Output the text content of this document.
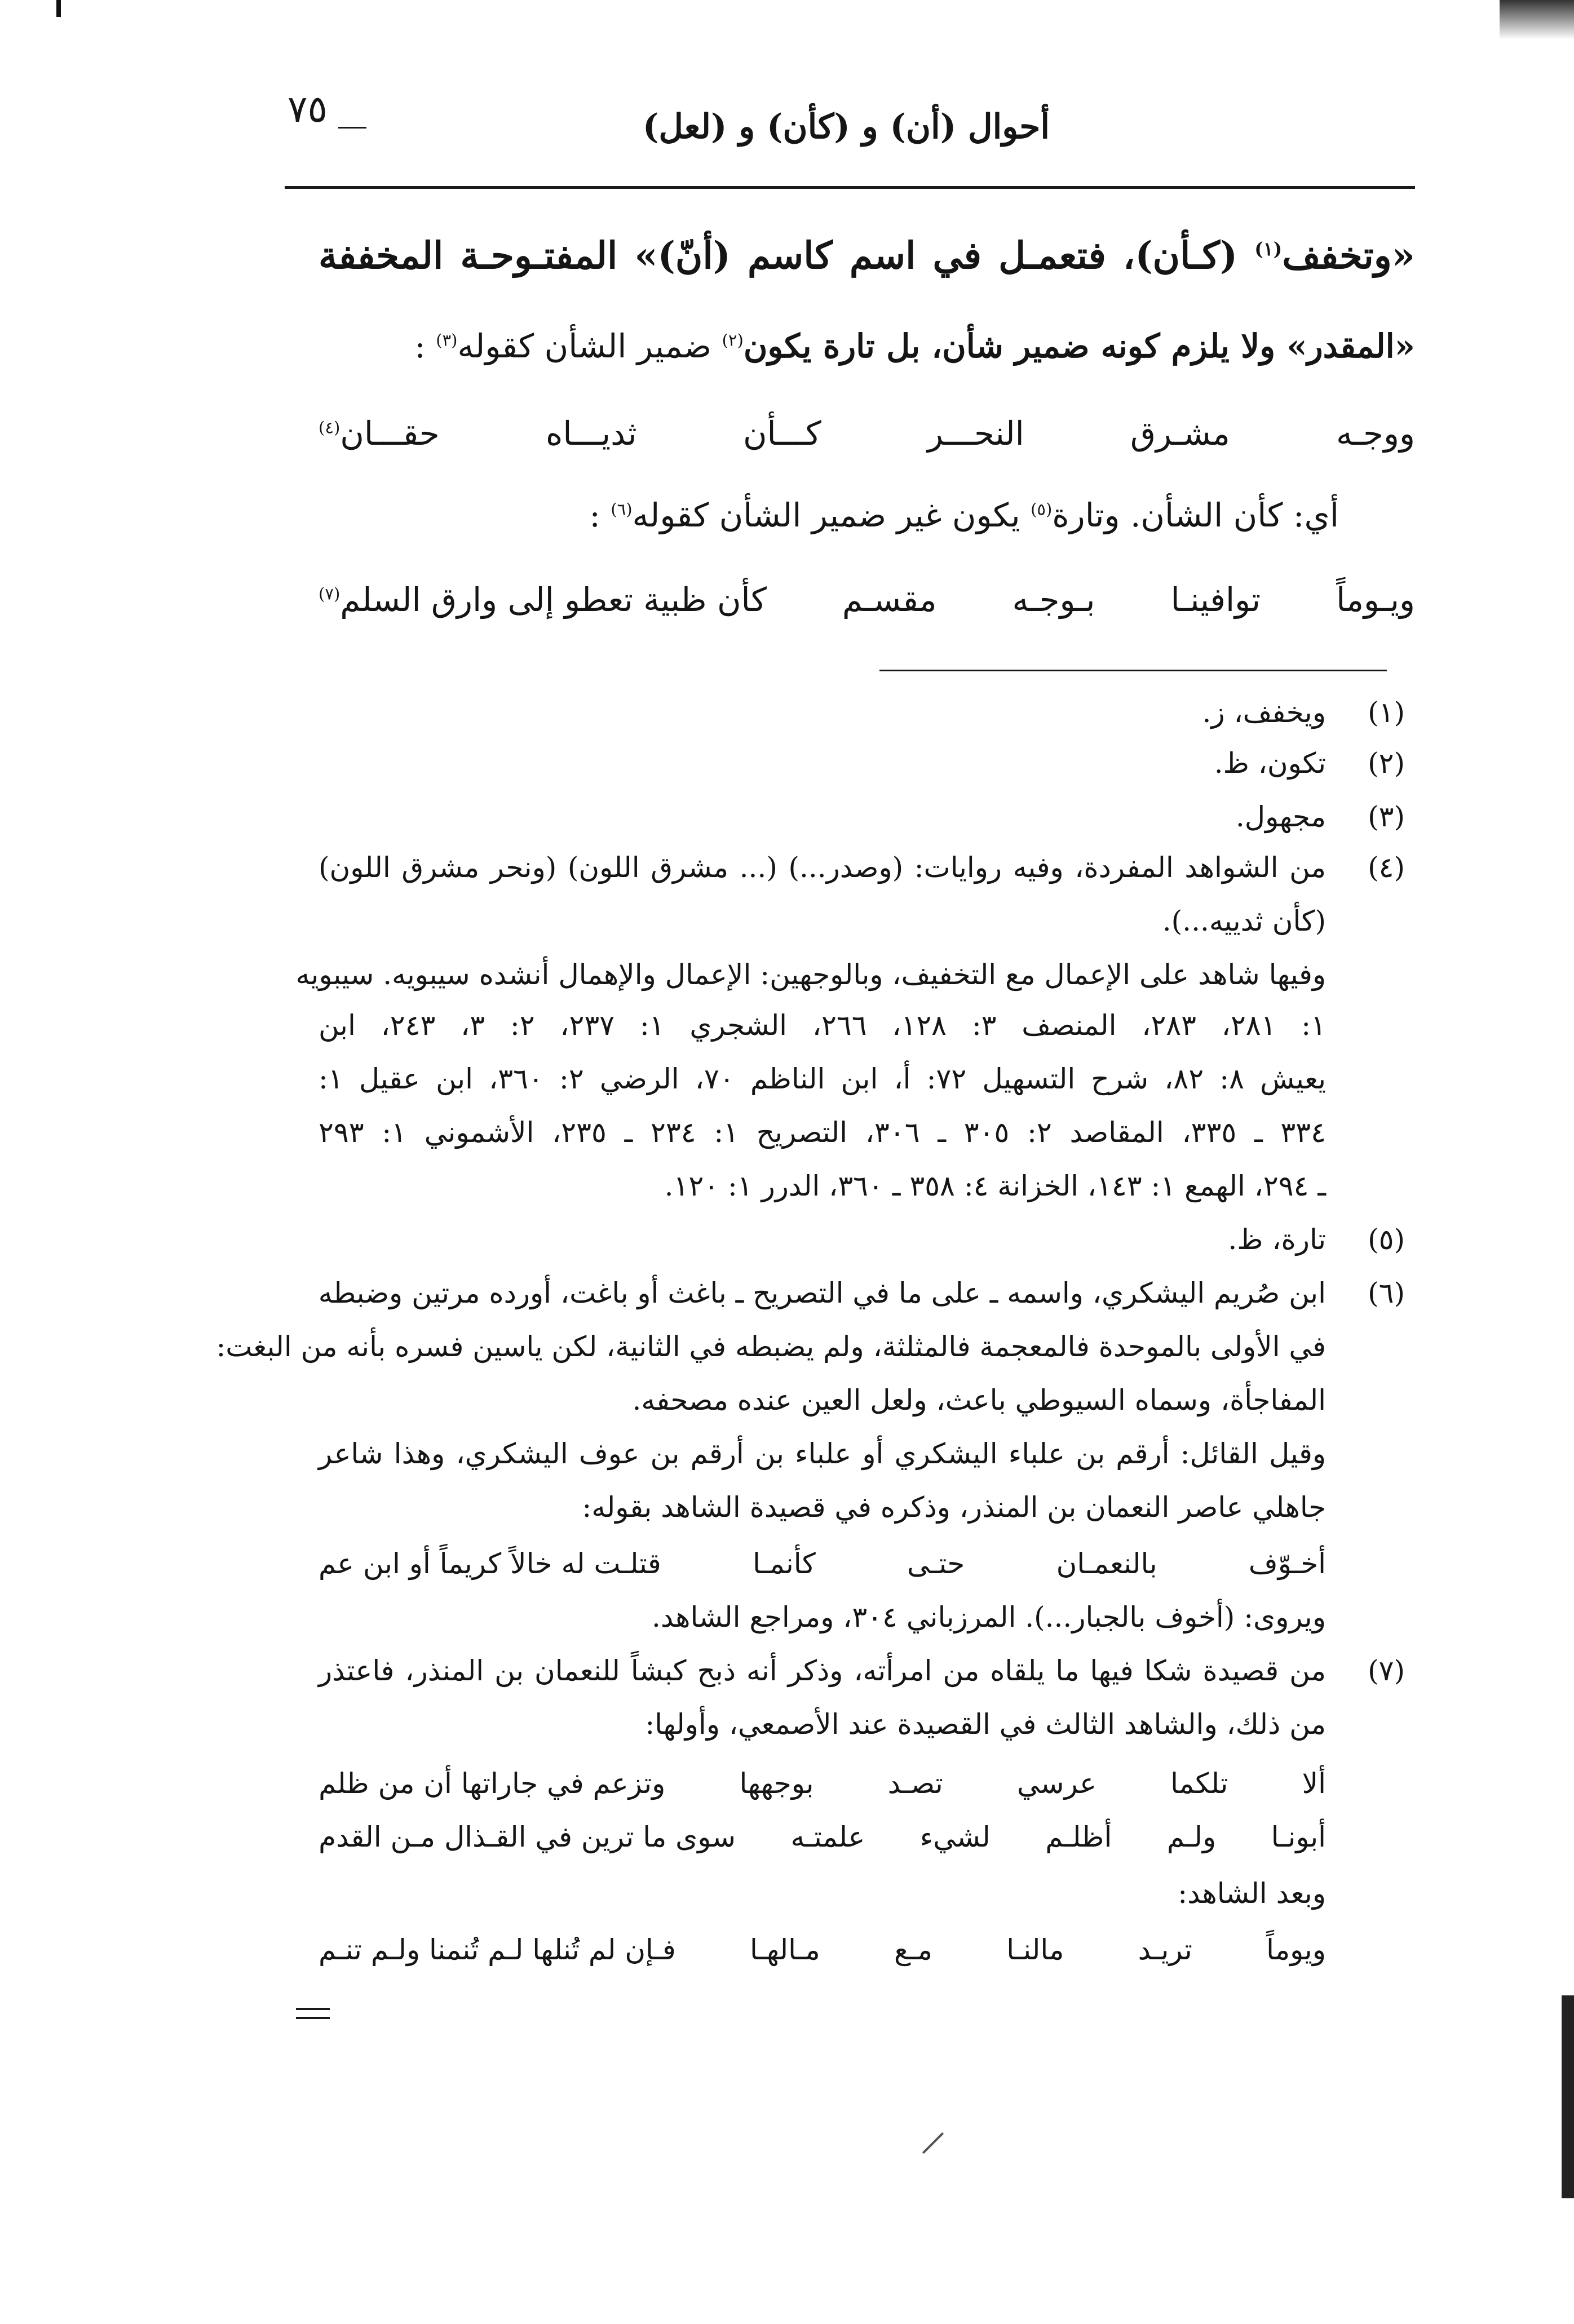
٧٥	أحوال (أن) و (كأن) و (لعل)
«وتخفف$^{(١)}$ (كـأن)، فتعمـل في اسم كاسم (أنّ)» المفتـوحـة المخففة
«المقدر» ولا يلزم كونه ضمير شأن، بل تارة يكون$^{(٢)}$ ضمير الشأن كقوله$^{(٣)}$ :
ووجـه
مشـرق
النحـــر
كـــأن
ثديـــاه
حقـــان$^{(٤)}$
أي: كأن الشأن. وتارة$^{(٥)}$ يكون غير ضمير الشأن كقوله$^{(٦)}$ :
ويـوماً
توافينـا
بـوجـه
مقسـم
كأن ظبية تعطو إلى وارق السلم$^{(٧)}$
(١)
ويخفف، ز.
(٢)
تكون، ظ.
(٣)
مجهول.
(٤)
من الشواهد المفردة، وفيه روايات: (وصدر...) (... مشرق اللون) (ونحر مشرق اللون)
(كأن ثدييه...).
وفيها شاهد على الإعمال مع التخفيف، وبالوجهين: الإعمال والإهمال أنشده سيبويه. سيبويه
١: ٢٨١، ٢٨٣، المنصف ٣: ١٢٨، ٢٦٦، الشجري ١: ٢٣٧، ٢: ٣، ٢٤٣، ابن
يعيش ٨: ٨٢، شرح التسهيل ٧٢: أ، ابن الناظم ٧٠، الرضي ٢: ٣٦٠، ابن عقيل ١:
٣٣٤ ـ ٣٣٥، المقاصد ٢: ٣٠٥ ـ ٣٠٦، التصريح ١: ٢٣٤ ـ ٢٣٥، الأشموني ١: ٢٩٣
ـ ٢٩٤، الهمع ١: ١٤٣، الخزانة ٤: ٣٥٨ ـ ٣٦٠، الدرر ١: ١٢٠.
(٥)
تارة، ظ.
(٦)
ابن صُريم اليشكري، واسمه ـ على ما في التصريح ـ باغث أو باغت، أورده مرتين وضبطه
في الأولى بالموحدة فالمعجمة فالمثلثة، ولم يضبطه في الثانية، لكن ياسين فسره بأنه من البغت:
المفاجأة، وسماه السيوطي باعث، ولعل العين عنده مصحفه.
وقيل القائل: أرقم بن علباء اليشكري أو علباء بن أرقم بن عوف اليشكري، وهذا شاعر
جاهلي عاصر النعمان بن المنذر، وذكره في قصيدة الشاهد بقوله:
أخـوّف
بالنعمـان
حتـى
كأنمـا
قتلـت له خالاً كريماً أو ابن عم
ويروى: (أخوف بالجبار...). المرزباني ٣٠٤، ومراجع الشاهد.
(٧)
من قصيدة شكا فيها ما يلقاه من امرأته، وذكر أنه ذبح كبشاً للنعمان بن المنذر، فاعتذر
من ذلك، والشاهد الثالث في القصيدة عند الأصمعي، وأولها:
ألا
تلكما
عرسي
تصـد
بوجهها
وتزعم في جاراتها أن من ظلم
أبونـا
ولـم
أظلـم
لشيء
علمتـه
سوى ما ترين في القـذال مـن القدم
وبعد الشاهد:
ويوماً
تريـد
مالنـا
مـع
مـالهـا
فـإن لم تُنلها لـم تُنمنا ولـم تنـم
